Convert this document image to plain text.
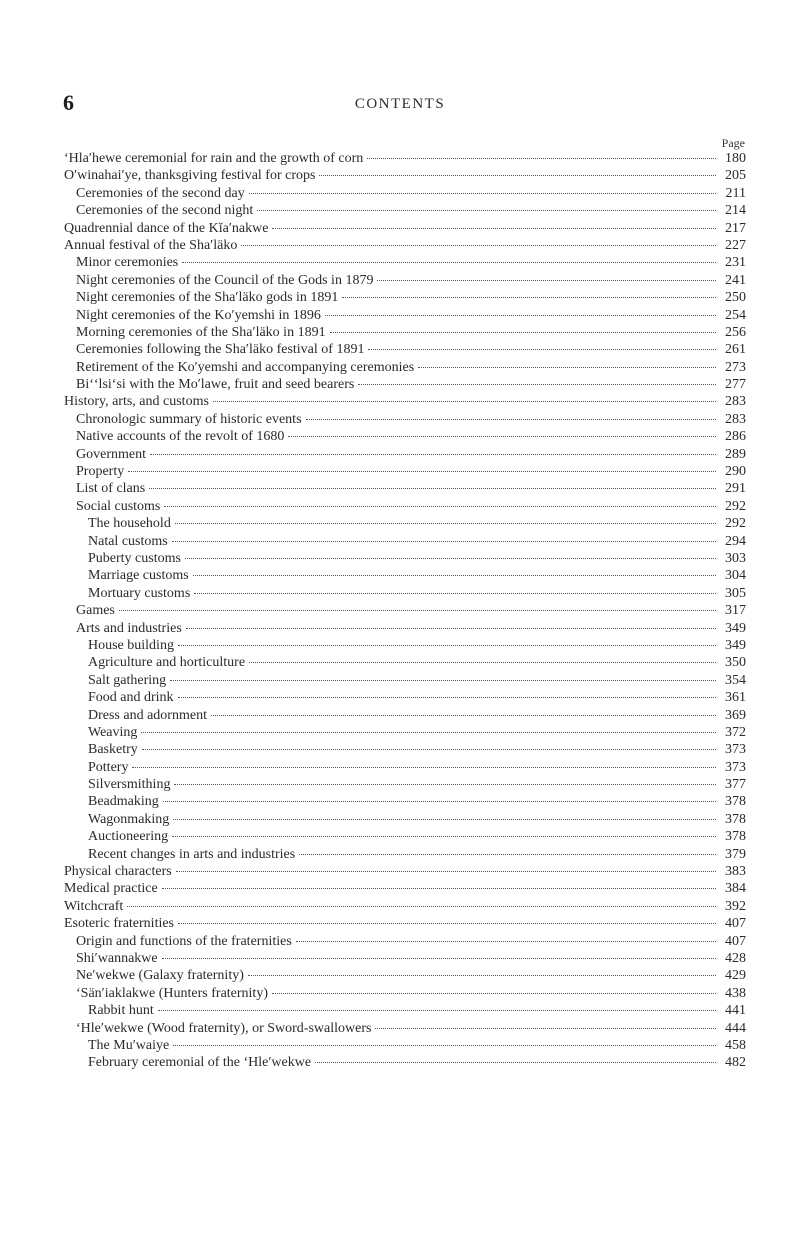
6	CONTENTS
Page
ʻHla′hewe ceremonial for rain and the growth of corn	180
O′winahai′ye, thanksgiving festival for crops	205
Ceremonies of the second day	211
Ceremonies of the second night	214
Quadrennial dance of the Kĭa′nakwe	217
Annual festival of the Sha′läko	227
Minor ceremonies	231
Night ceremonies of the Council of the Gods in 1879	241
Night ceremonies of the Sha′läko gods in 1891	250
Night ceremonies of the Ko′yemshi in 1896	254
Morning ceremonies of the Sha′läko in 1891	256
Ceremonies following the Sha′läko festival of 1891	261
Retirement of the Ko′yemshi and accompanying ceremonies	273
Biʻʻlsiʻsi with the Mo′lawe, fruit and seed bearers	277
History, arts, and customs	283
Chronologic summary of historic events	283
Native accounts of the revolt of 1680	286
Government	289
Property	290
List of clans	291
Social customs	292
The household	292
Natal customs	294
Puberty customs	303
Marriage customs	304
Mortuary customs	305
Games	317
Arts and industries	349
House building	349
Agriculture and horticulture	350
Salt gathering	354
Food and drink	361
Dress and adornment	369
Weaving	372
Basketry	373
Pottery	373
Silversmithing	377
Beadmaking	378
Wagonmaking	378
Auctioneering	378
Recent changes in arts and industries	379
Physical characters	383
Medical practice	384
Witchcraft	392
Esoteric fraternities	407
Origin and functions of the fraternities	407
Shi′wannakwe	428
Ne′wekwe (Galaxy fraternity)	429
ʻSän′iaklakwe (Hunters fraternity)	438
Rabbit hunt	441
ʻHle′wekwe (Wood fraternity), or Sword-swallowers	444
The Mu′waiye	458
February ceremonial of the ʻHle′wekwe	482
